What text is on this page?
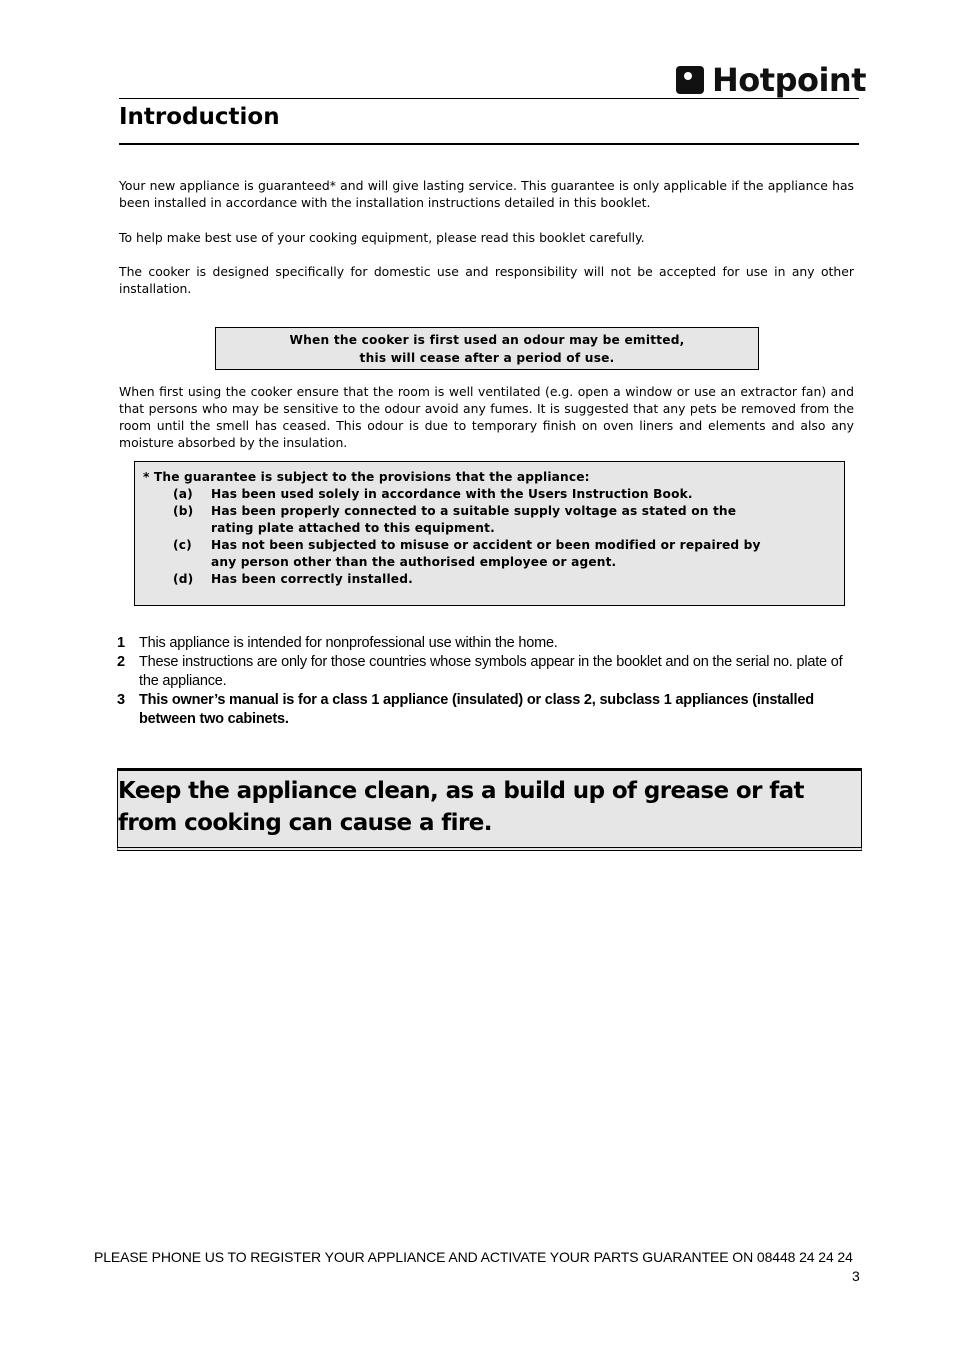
Hotpoint
Introduction

Your new appliance is guaranteed* and will give lasting service. This guarantee is only applicable if the appliance has been installed in accordance with the installation instructions detailed in this booklet.

To help make best use of your cooking equipment, please read this booklet carefully.

The cooker is designed specifically for domestic use and responsibility will not be accepted for use in any other installation.

When the cooker is first used an odour may be emitted,
this will cease after a period of use.

When first using the cooker ensure that the room is well ventilated (e.g. open a window or use an extractor fan) and that persons who may be sensitive to the odour avoid any fumes. It is suggested that any pets be removed from the room until the smell has ceased. This odour is due to temporary finish on oven liners and elements and also any moisture absorbed by the insulation.

* The guarantee is subject to the provisions that the appliance:
(a)	Has been used solely in accordance with the Users Instruction Book.
(b)	Has been properly connected to a suitable supply voltage as stated on the rating plate attached to this equipment.
(c)	Has not been subjected to misuse or accident or been modified or repaired by any person other than the authorised employee or agent.
(d)	Has been correctly installed.
1 This appliance is intended for nonprofessional use within the home.
2 These instructions are only for those countries whose symbols appear in the booklet and on the serial no. plate of the appliance.
3 This owner’s manual is for a class 1 appliance (insulated) or class 2, subclass 1 appliances (installed between two cabinets.
Keep the appliance clean, as a build up of grease or fat from cooking can cause a fire.
PLEASE PHONE US TO REGISTER YOUR APPLIANCE AND ACTIVATE YOUR PARTS GUARANTEE ON 08448 24 24 24
3
